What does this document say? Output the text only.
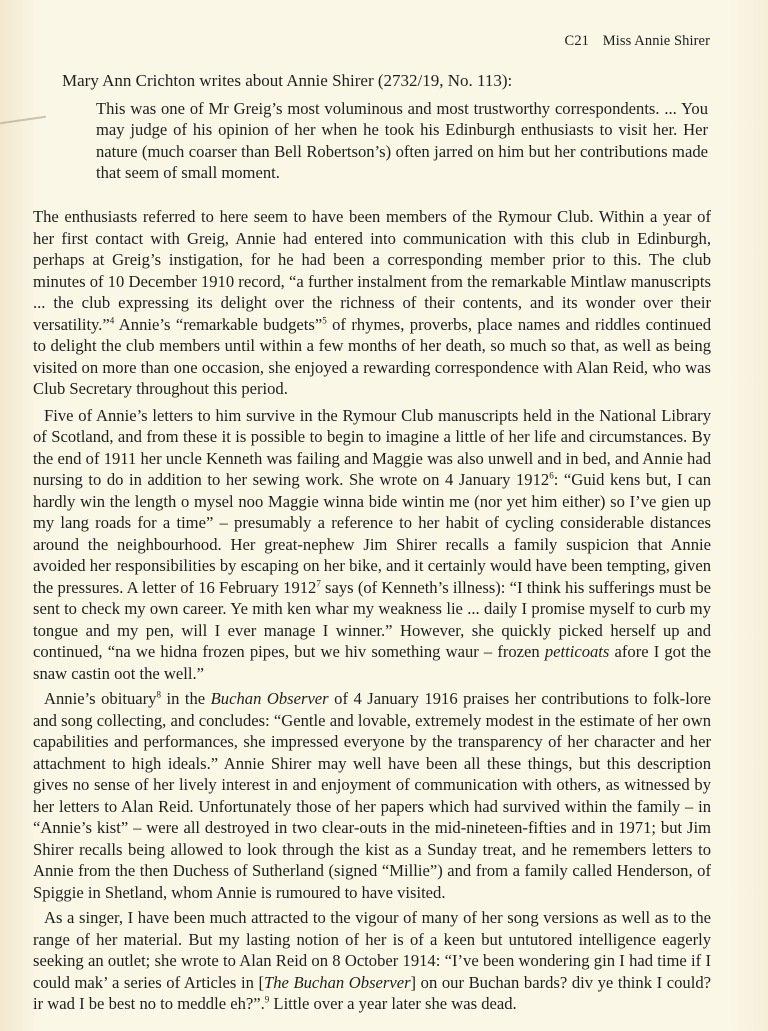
C21 Miss Annie Shirer
Mary Ann Crichton writes about Annie Shirer (2732/19, No. 113):
This was one of Mr Greig’s most voluminous and most trustworthy correspondents. ... You may judge of his opinion of her when he took his Edinburgh enthusiasts to visit her. Her nature (much coarser than Bell Robertson’s) often jarred on him but her contributions made that seem of small moment.

The enthusiasts referred to here seem to have been members of the Rymour Club. Within a year of her first contact with Greig, Annie had entered into communication with this club in Edinburgh, perhaps at Greig’s instigation, for he had been a corresponding member prior to this. The club minutes of 10 December 1910 record, “a further instalment from the remarkable Mintlaw manuscripts ... the club expressing its delight over the richness of their contents, and its wonder over their versatility.”$^4$ Annie’s “remarkable budgets”$^5$ of rhymes, proverbs, place names and riddles continued to delight the club members until within a few months of her death, so much so that, as well as being visited on more than one occasion, she enjoyed a rewarding correspondence with Alan Reid, who was Club Secretary throughout this period.

Five of Annie’s letters to him survive in the Rymour Club manuscripts held in the National Library of Scotland, and from these it is possible to begin to imagine a little of her life and circumstances. By the end of 1911 her uncle Kenneth was failing and Maggie was also unwell and in bed, and Annie had nursing to do in addition to her sewing work. She wrote on 4 January 1912$^6$: “Guid kens but, I can hardly win the length o mysel noo Maggie winna bide wintin me (nor yet him either) so I’ve gien up my lang roads for a time” – presumably a reference to her habit of cycling considerable distances around the neighbourhood. Her great-nephew Jim Shirer recalls a family suspicion that Annie avoided her responsibilities by escaping on her bike, and it certainly would have been tempting, given the pressures. A letter of 16 February 1912$^7$ says (of Kenneth’s illness): “I think his sufferings must be sent to check my own career. Ye mith ken whar my weakness lie ... daily I promise myself to curb my tongue and my pen, will I ever manage I winner.” However, she quickly picked herself up and continued, “na we hidna frozen pipes, but we hiv something waur – frozen petticoats afore I got the snaw castin oot the well.”

Annie’s obituary$^8$ in the Buchan Observer of 4 January 1916 praises her contributions to folk-lore and song collecting, and concludes: “Gentle and lovable, extremely modest in the estimate of her own capabilities and performances, she impressed everyone by the transparency of her character and her attachment to high ideals.” Annie Shirer may well have been all these things, but this description gives no sense of her lively interest in and enjoyment of communication with others, as witnessed by her letters to Alan Reid. Unfortunately those of her papers which had survived within the family – in “Annie’s kist” – were all destroyed in two clear-outs in the mid-nineteen-fifties and in 1971; but Jim Shirer recalls being allowed to look through the kist as a Sunday treat, and he remembers letters to Annie from the then Duchess of Sutherland (signed “Millie”) and from a family called Henderson, of Spiggie in Shetland, whom Annie is rumoured to have visited.

As a singer, I have been much attracted to the vigour of many of her song versions as well as to the range of her material. But my lasting notion of her is of a keen but untutored intelligence eagerly seeking an outlet; she wrote to Alan Reid on 8 October 1914: “I’ve been wondering gin I had time if I could mak’ a series of Articles in [The Buchan Observer] on our Buchan bards? div ye think I could? ir wad I be best no to meddle eh?”.$^9$ Little over a year later she was dead.
